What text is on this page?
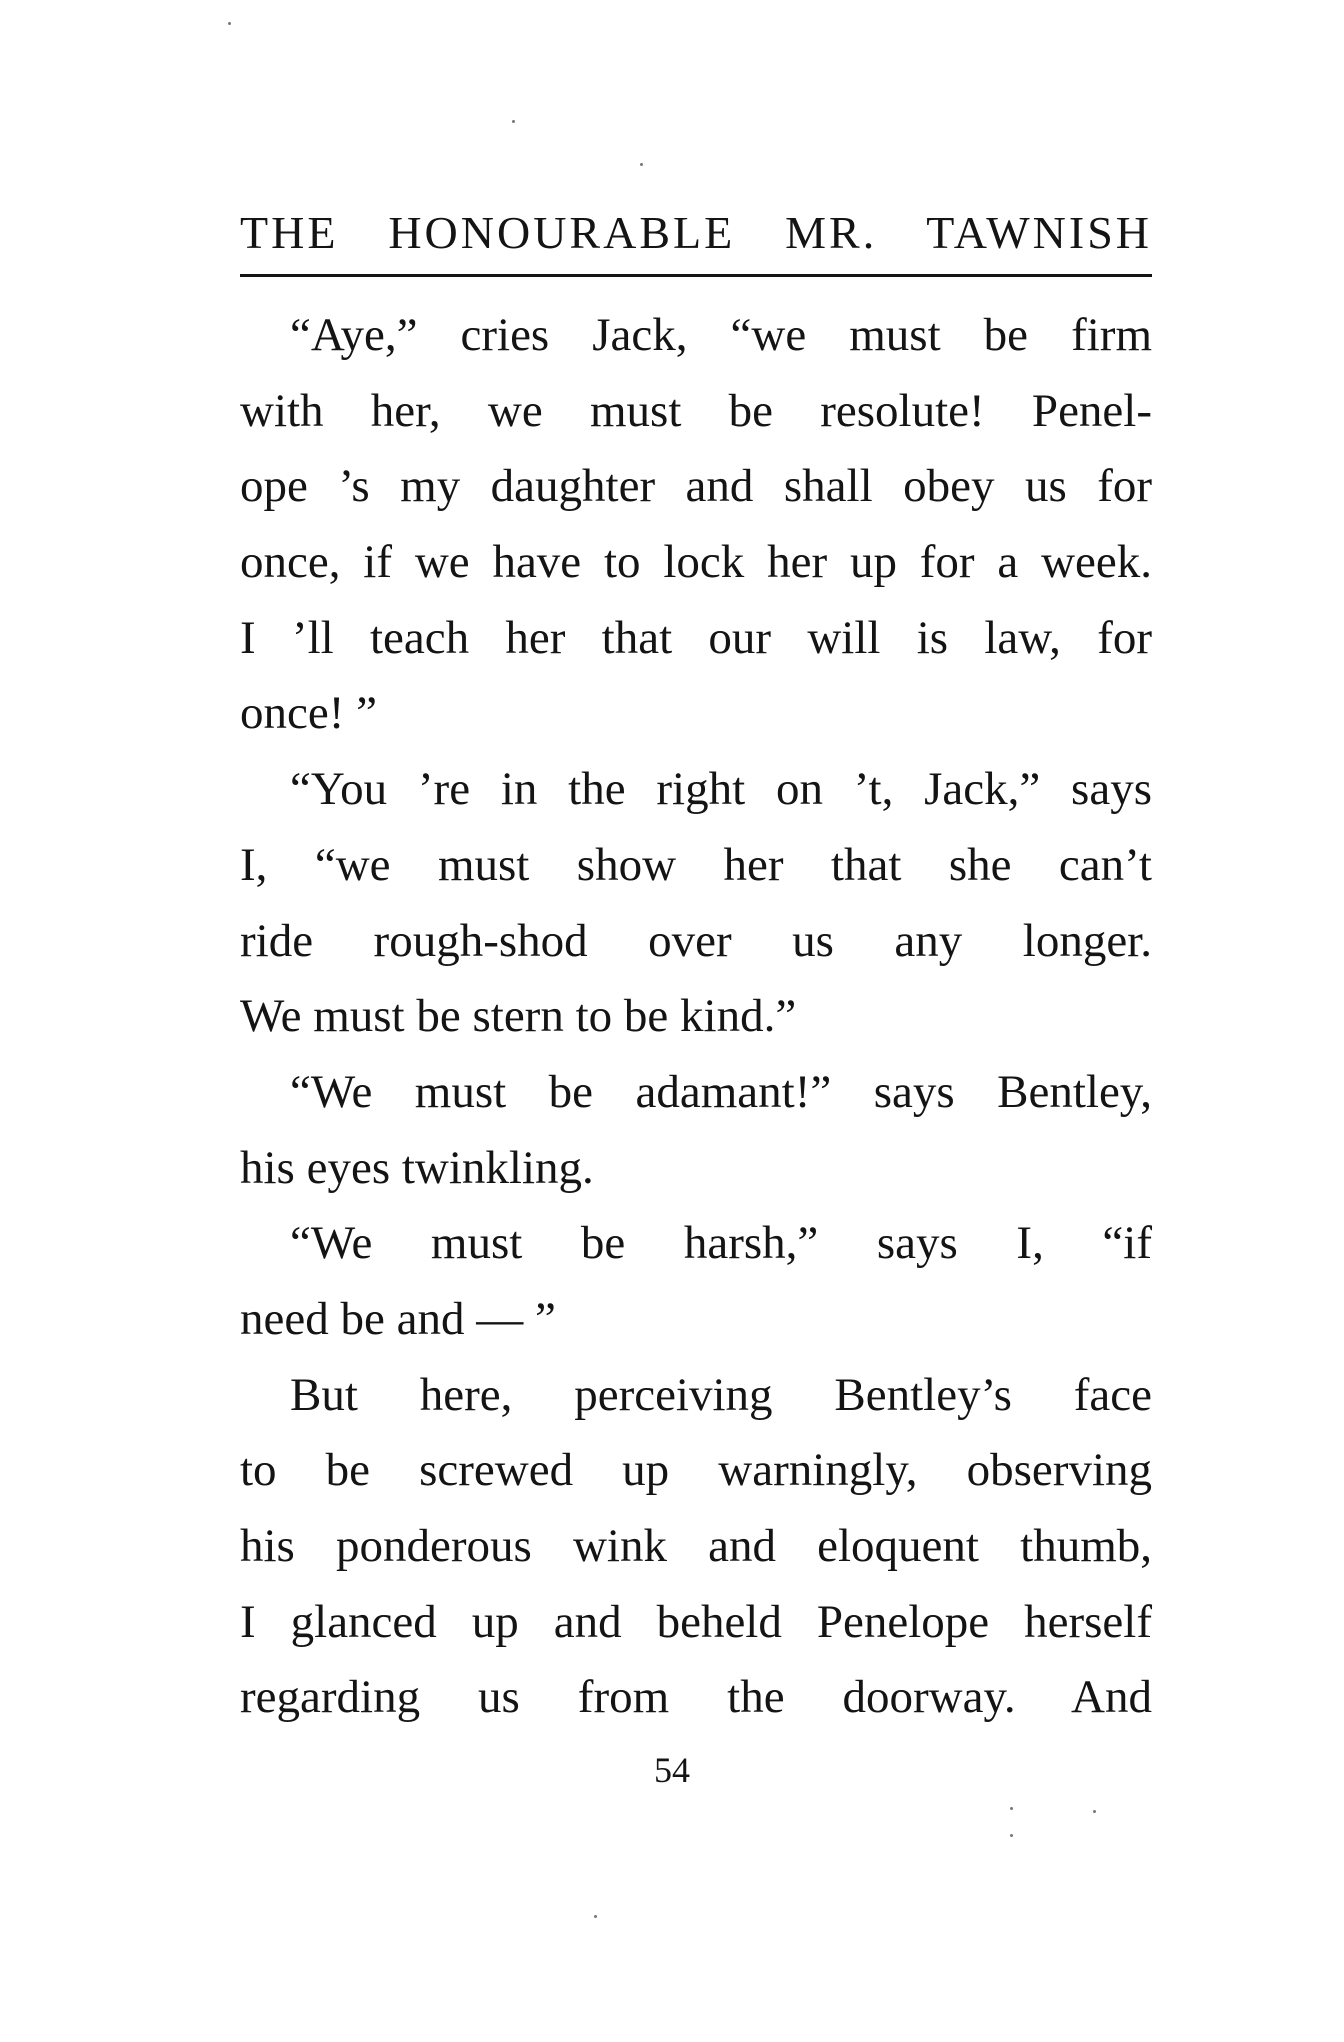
THE HONOURABLE MR. TAWNISH
“Aye,” cries Jack, “we must be firm
with her, we must be resolute! Penel-
ope ’s my daughter and shall obey us for
once, if we have to lock her up for a week.
I ’ll teach her that our will is law, for
once! ”
“You ’re in the right on ’t, Jack,” says
I, “we must show her that she can’t
ride rough-shod over us any longer.
We must be stern to be kind.”
“We must be adamant!” says Bentley,
his eyes twinkling.
“We must be harsh,” says I, “if
need be and — ”
But here, perceiving Bentley’s face
to be screwed up warningly, observing
his ponderous wink and eloquent thumb,
I glanced up and beheld Penelope herself
regarding us from the doorway. And
54
